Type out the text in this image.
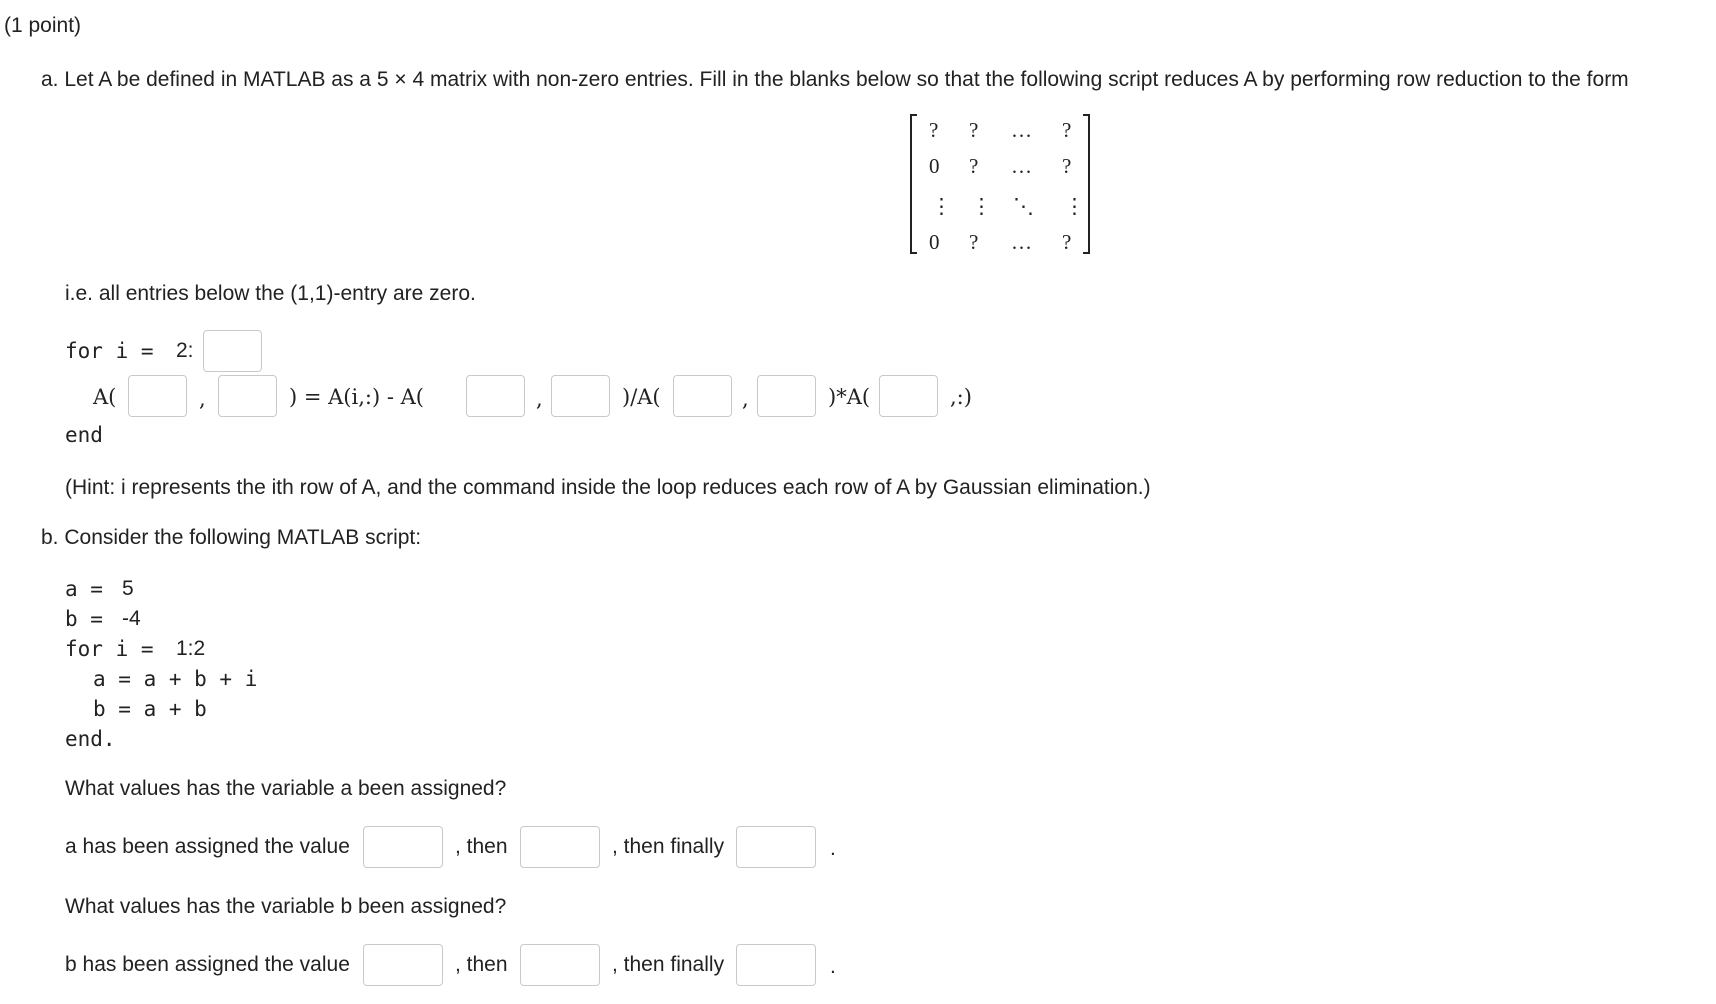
(1 point)
a. Let A be defined in MATLAB as a 5 × 4 matrix with non-zero entries. Fill in the blanks below so that the following script reduces A by performing row reduction to the form
? ? … ?
0 ? … ?
⋮ ⋮ ⋱ ⋮
0 ? … ?
i.e. all entries below the (1,1)-entry are zero.
for i = 2:
A(	,	) = A(i,:) - A(	,	)/A(	,	)*A(	,:)
end
(Hint: i represents the ith row of A, and the command inside the loop reduces each row of A by Gaussian elimination.)
b. Consider the following MATLAB script:
a = 5
b = -4
for i = 1:2
a = a + b + i
b = a + b
end.
What values has the variable a been assigned?
a has been assigned the value	, then	, then finally	.
What values has the variable b been assigned?
b has been assigned the value	, then	, then finally	.
